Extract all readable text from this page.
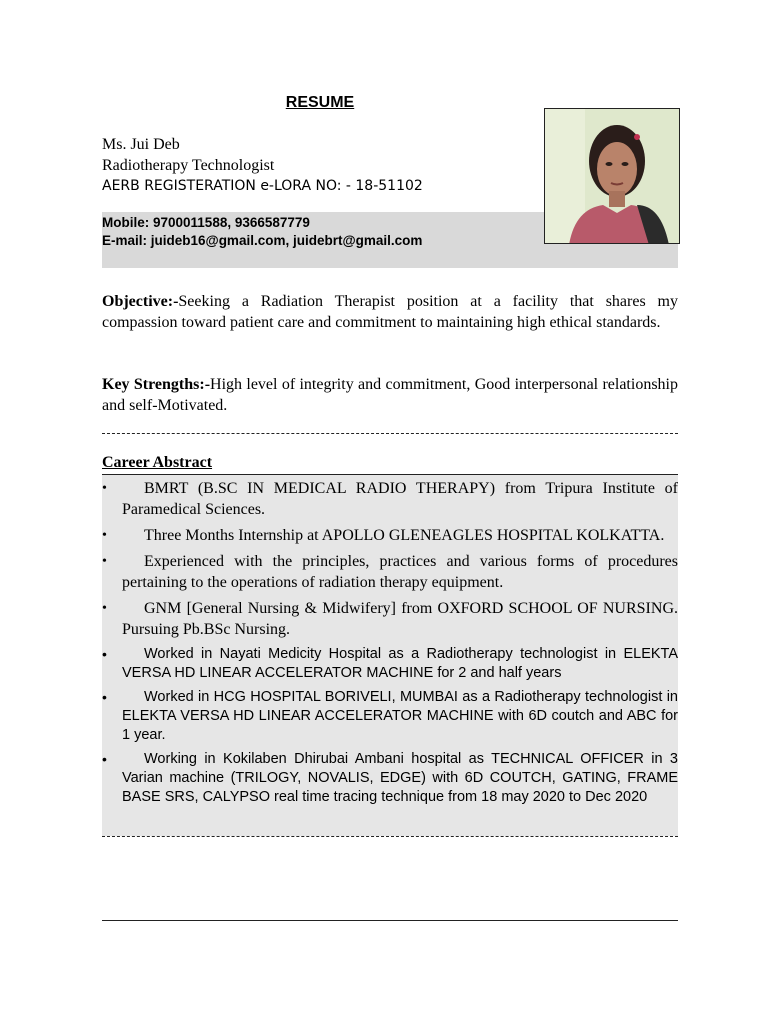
RESUME
Ms. Jui Deb
Radiotherapy Technologist
AERB REGISTERATION e-LORA NO: - 18-51102
Mobile: 9700011588, 9366587779
E-mail: juideb16@gmail.com, juidebrt@gmail.com
Objective:-Seeking a Radiation Therapist position at a facility that shares my compassion toward patient care and commitment to maintaining high ethical standards.
Key Strengths:-High level of integrity and commitment, Good interpersonal relationship and self-Motivated.
Career Abstract
• BMRT (B.SC IN MEDICAL RADIO THERAPY) from Tripura Institute of Paramedical Sciences.
• Three Months Internship at APOLLO GLENEAGLES HOSPITAL KOLKATTA.
• Experienced with the principles, practices and various forms of procedures pertaining to the operations of radiation therapy equipment.
• GNM [General Nursing & Midwifery] from OXFORD SCHOOL OF NURSING. Pursuing Pb.BSc Nursing.
•	Worked in Nayati Medicity Hospital as a Radiotherapy technologist in ELEKTA VERSA HD LINEAR ACCELERATOR MACHINE for 2 and half years
•	Worked in HCG HOSPITAL BORIVELI, MUMBAI as a Radiotherapy technologist in ELEKTA VERSA HD LINEAR ACCELERATOR MACHINE with 6D coutch and ABC for 1 year.
•	Working in Kokilaben Dhirubai Ambani hospital as TECHNICAL OFFICER in 3 Varian machine (TRILOGY, NOVALIS, EDGE) with 6D COUTCH, GATING, FRAME BASE SRS, CALYPSO real time tracing technique from 18 may 2020 to Dec 2020
